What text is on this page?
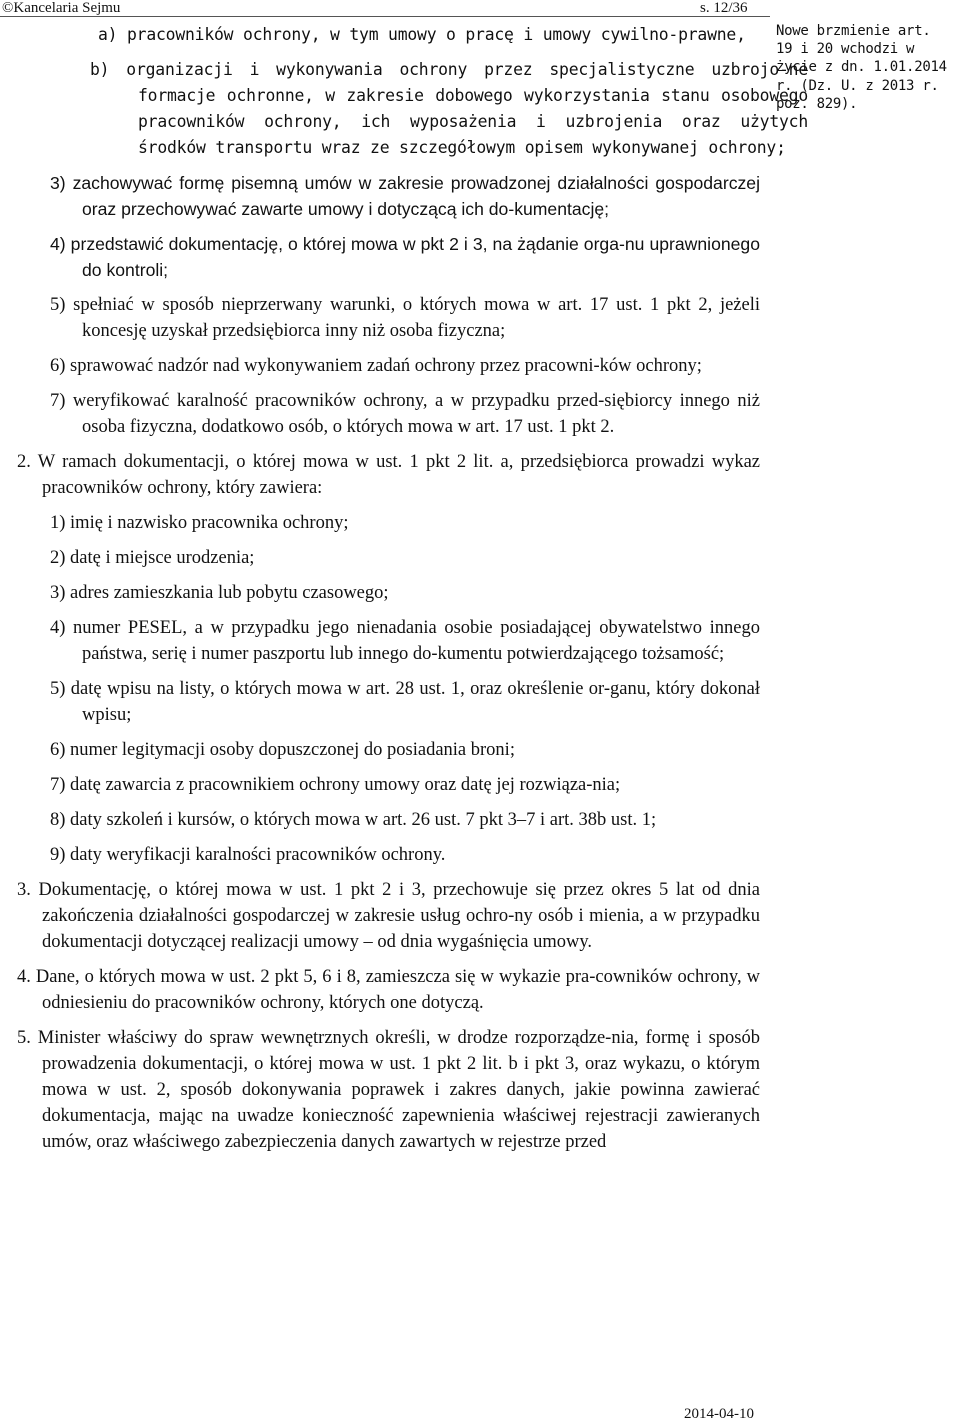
©Kancelaria Sejmu	s. 12/36
a) pracowników ochrony, w tym umowy o pracę i umowy cywilno-prawne,
b) organizacji i wykonywania ochrony przez specjalistyczne uzbrojo-ne formacje ochronne, w zakresie dobowego wykorzystania stanu osobowego pracowników ochrony, ich wyposażenia i uzbrojenia oraz użytych środków transportu wraz ze szczegółowym opisem wykonywanej ochrony;
3) zachowywać formę pisemną umów w zakresie prowadzonej działalności gospodarczej oraz przechowywać zawarte umowy i dotyczącą ich do-kumentację;
4) przedstawić dokumentację, o której mowa w pkt 2 i 3, na żądanie orga-nu uprawnionego do kontroli;
5) spełniać w sposób nieprzerwany warunki, o których mowa w art. 17 ust. 1 pkt 2, jeżeli koncesję uzyskał przedsiębiorca inny niż osoba fizyczna;
6) sprawować nadzór nad wykonywaniem zadań ochrony przez pracowni-ków ochrony;
7) weryfikować karalność pracowników ochrony, a w przypadku przed-siębiorcy innego niż osoba fizyczna, dodatkowo osób, o których mowa w art. 17 ust. 1 pkt 2.
2. W ramach dokumentacji, o której mowa w ust. 1 pkt 2 lit. a, przedsiębiorca prowadzi wykaz pracowników ochrony, który zawiera:
1) imię i nazwisko pracownika ochrony;
2) datę i miejsce urodzenia;
3) adres zamieszkania lub pobytu czasowego;
4) numer PESEL, a w przypadku jego nienadania osobie posiadającej obywatelstwo innego państwa, serię i numer paszportu lub innego do-kumentu potwierdzającego tożsamość;
5) datę wpisu na listy, o których mowa w art. 28 ust. 1, oraz określenie or-ganu, który dokonał wpisu;
6) numer legitymacji osoby dopuszczonej do posiadania broni;
7) datę zawarcia z pracownikiem ochrony umowy oraz datę jej rozwiąza-nia;
8) daty szkoleń i kursów, o których mowa w art. 26 ust. 7 pkt 3–7 i art. 38b ust. 1;
9) daty weryfikacji karalności pracowników ochrony.
3. Dokumentację, o której mowa w ust. 1 pkt 2 i 3, przechowuje się przez okres 5 lat od dnia zakończenia działalności gospodarczej w zakresie usług ochro-ny osób i mienia, a w przypadku dokumentacji dotyczącej realizacji umowy – od dnia wygaśnięcia umowy.
4. Dane, o których mowa w ust. 2 pkt 5, 6 i 8, zamieszcza się w wykazie pra-cowników ochrony, w odniesieniu do pracowników ochrony, których one dotyczą.
5. Minister właściwy do spraw wewnętrznych określi, w drodze rozporządze-nia, formę i sposób prowadzenia dokumentacji, o której mowa w ust. 1 pkt 2 lit. b i pkt 3, oraz wykazu, o którym mowa w ust. 2, sposób dokonywania poprawek i zakres danych, jakie powinna zawierać dokumentacja, mając na uwadze konieczność zapewnienia właściwej rejestracji zawieranych umów, oraz właściwego zabezpieczenia danych zawartych w rejestrze przed
Nowe brzmienie art.
19 i 20 wchodzi w
życie z dn. 1.01.2014
r. (Dz. U. z 2013 r.
poz. 829).
2014-04-10
